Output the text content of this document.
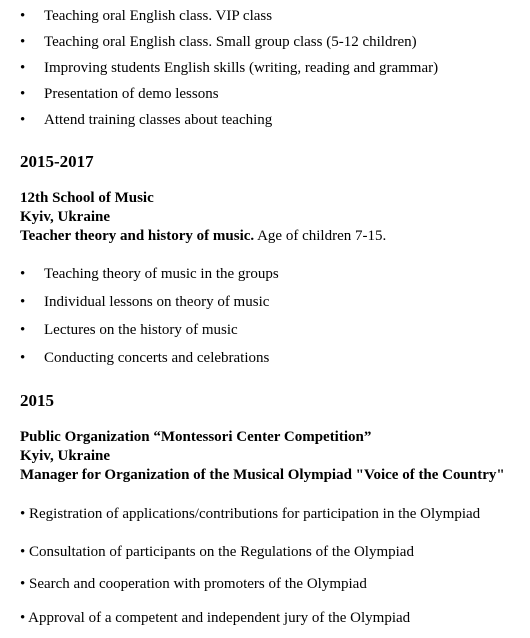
• Teaching oral English class. VIP class
• Teaching oral English class. Small group class (5-12 children)
• Improving students English skills (writing, reading and grammar)
• Presentation of demo lessons
• Attend training classes about teaching
2015-2017
12th School of Music
Kyiv, Ukraine
Teacher theory and history of music. Age of children 7-15.
• Teaching theory of music in the groups
• Individual lessons on theory of music
• Lectures on the history of music
• Conducting concerts and celebrations
2015
Public Organization “Montessori Center Competition”
Kyiv, Ukraine
Manager for Organization of the Musical Olympiad "Voice of the Country"
• Registration of applications/contributions for participation in the Olympiad
• Consultation of participants on the Regulations of the Olympiad
• Search and cooperation with promoters of the Olympiad
• Approval of a competent and independent jury of the Olympiad
